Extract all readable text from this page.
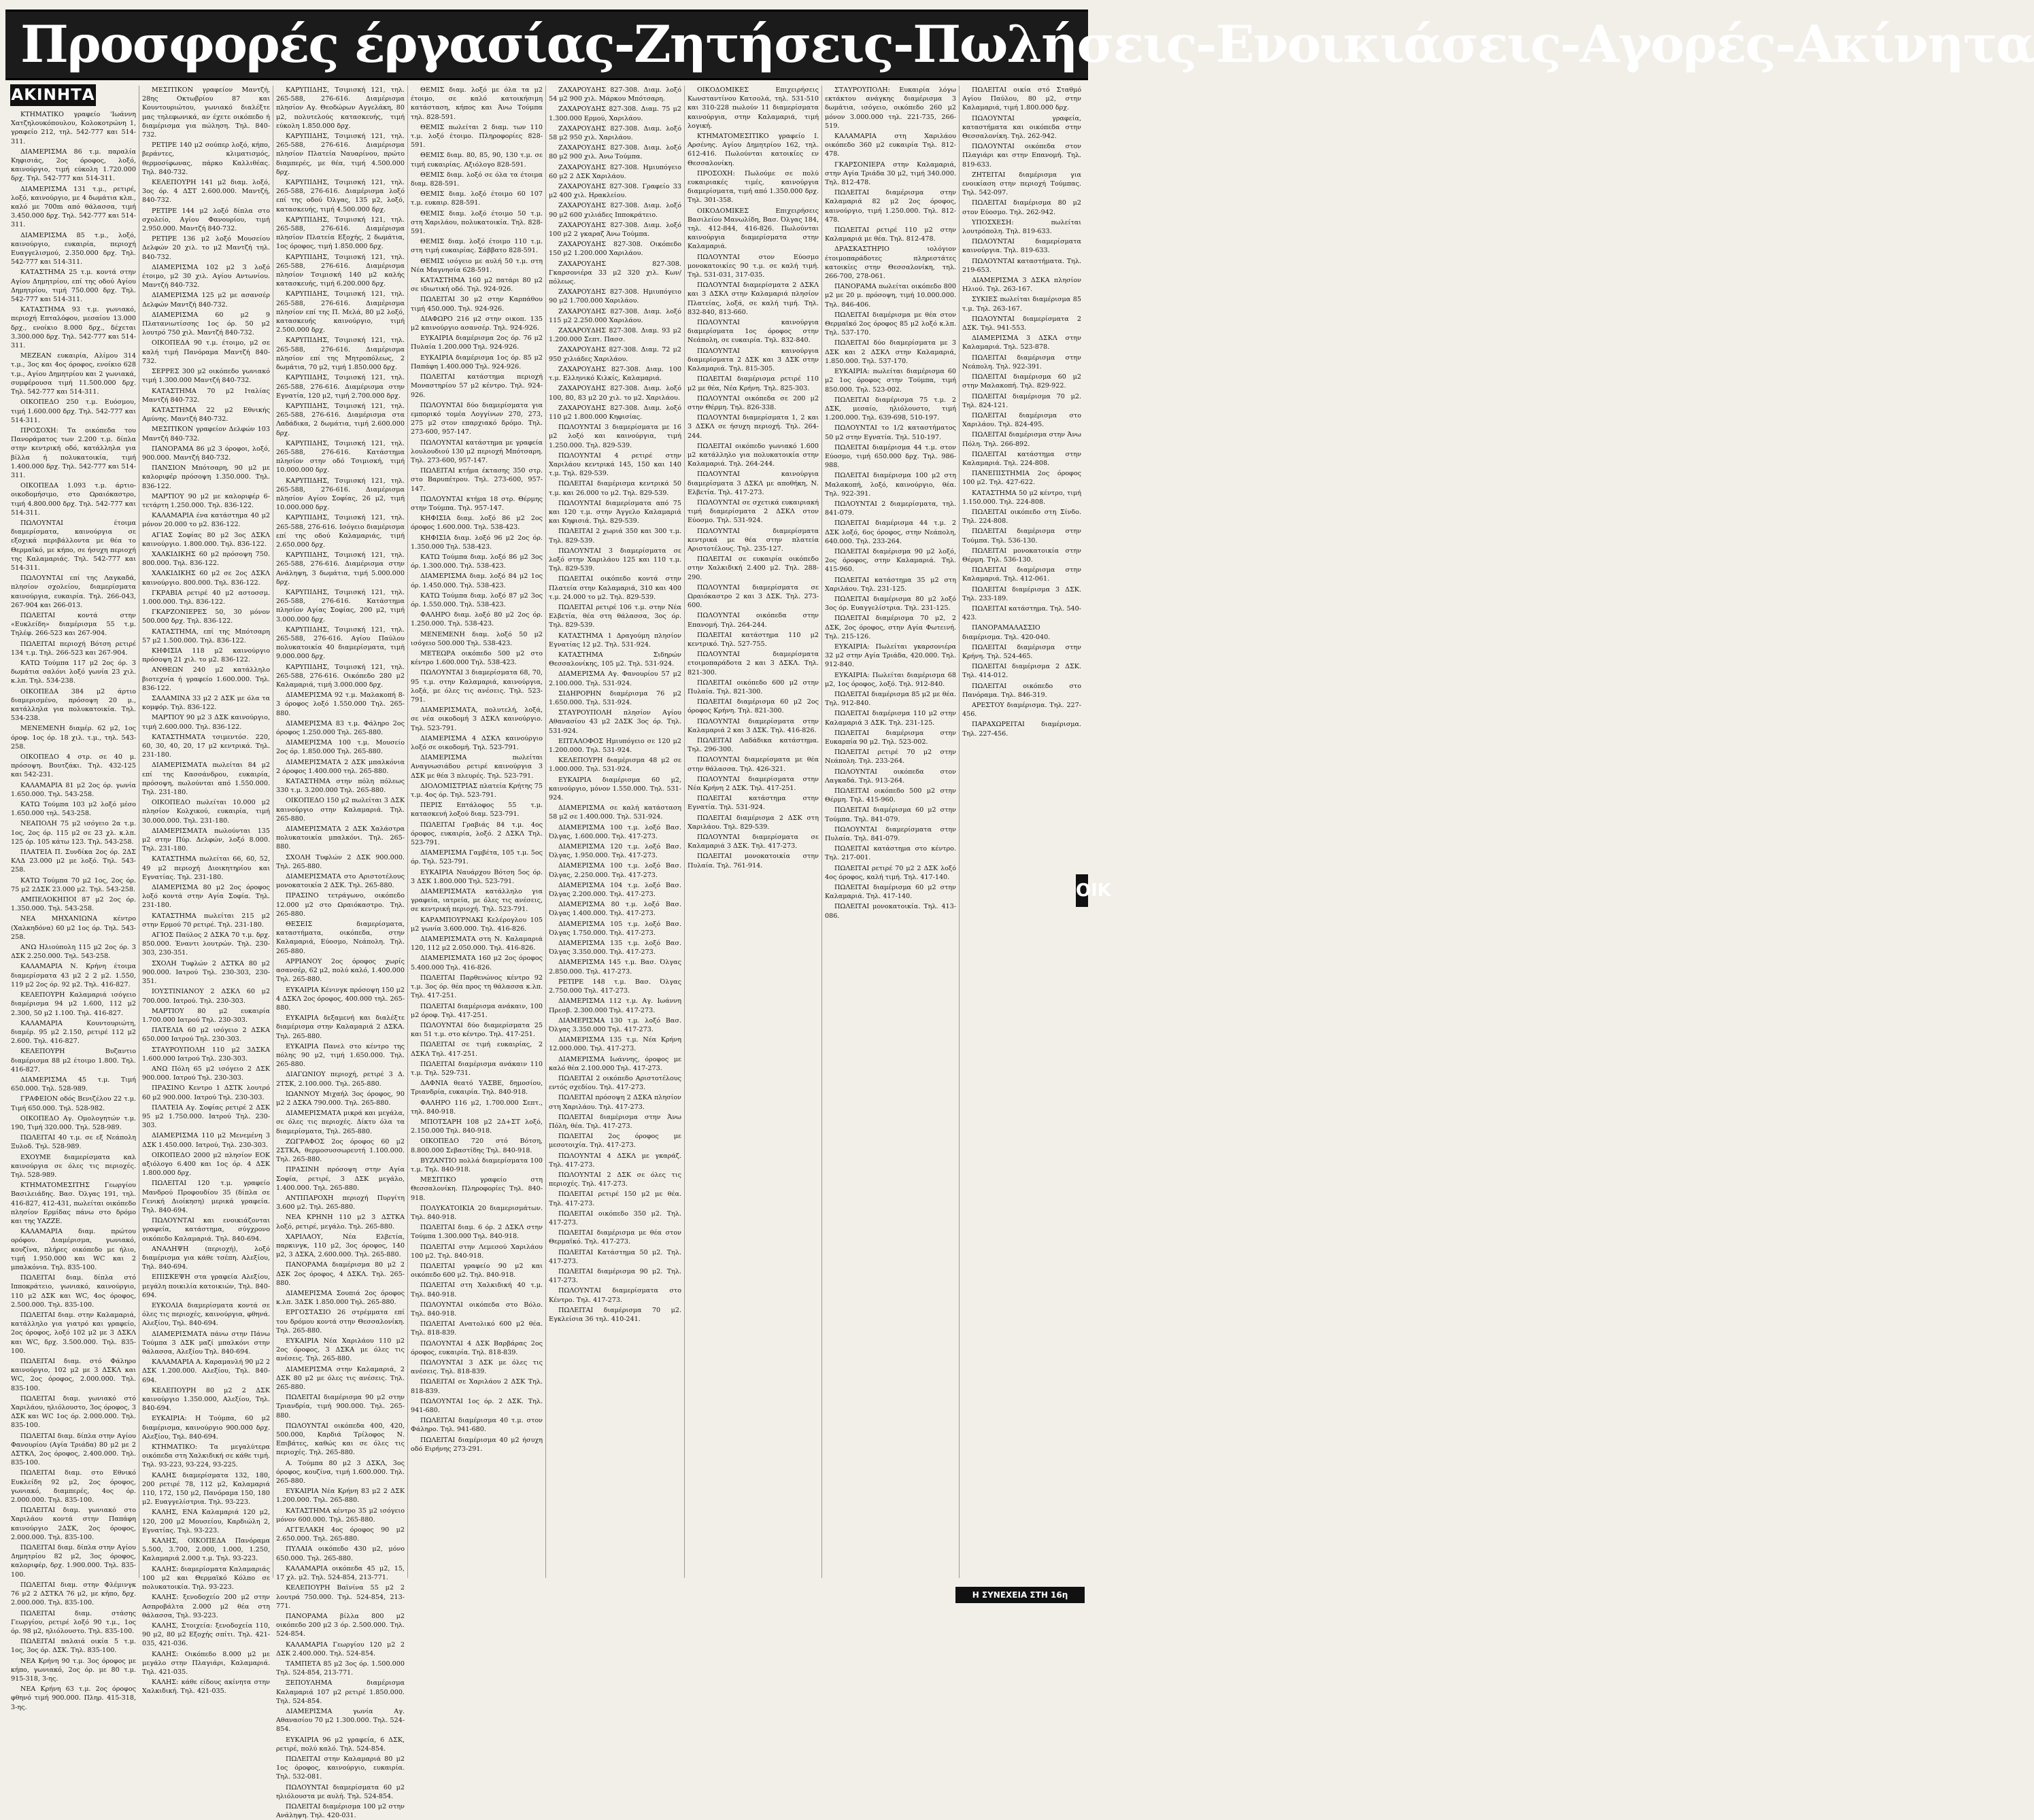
Προσφορές έργασίας-Ζητήσεις-Πωλήσεις-Ενοικιάσεις-Αγορές-Ακίνητα
ΑΚΙΝΗΤΑ

ΚΤΗΜΑΤΙΚΟ γραφείο 'Ιωάννη Χατζηλουκόπουλου, Κολοκοτρώνη 1, γραφείο 212, τηλ. 542-777 και 514-311.

ΔΙΑΜΕΡΙΣΜΑ 86 τ.μ. παραλία Κηφισιάς, 2ος όροφος, λοξό, καινούργιο, τιμή εύκολη 1.720.000 δρχ. Τηλ. 542-777 και 514-311.

ΔΙΑΜΕΡΙΣΜΑ 131 τ.μ., ρετιρέ, λοξό, καινούργιο, με 4 δωμάτια κλπ., καλό με 700m από θάλασσα, τιμή 3.450.000 δρχ. Τηλ. 542-777 και 514-311.

ΔΙΑΜΕΡΙΣΜΑ 85 τ.μ., λοξό, καινούργιο, ευκαιρία, περιοχή Ευαγγελισμού, 2.350.000 δρχ. Τηλ. 542-777 και 514-311.

ΚΑΤΑΣΤΗΜΑ 25 τ.μ. κοντά στην Αγίου Δημητρίου, επί της οδού Αγίου Δημητρίου, τιμή 750.000 δρχ. Τηλ. 542-777 και 514-311.

ΚΑΤΑΣΤΗΜΑ 93 τ.μ. γωνιακό, περιοχή Επταλόφου, μεσαίου 13.000 δρχ., ενοίκιο 8.000 δρχ., δέχεται 3.300.000 δρχ. Τηλ. 542-777 και 514-311.

ΜΕΖΕΑΝ ευκαιρία, Αλίμου 314 τ.μ., 3ος και 4ος όροφος, ενοίκιο 628 τ.μ., Αγίου Δημητρίου και 2 γωνιακά, συμφέρουσα τιμή 11.500.000 δρχ. Τηλ. 542-777 και 514-311.

ΟΙΚΟΠΕΔΟ 250 τ.μ. Ευόσμου, τιμή 1.600.000 δρχ. Τηλ. 542-777 και 514-311.

ΠΡΟΣΟΧΗ: Τα οικόπεδα του Πανοράματος των 2.200 τ.μ. δίπλα στην κεντρική οδό, κατάλληλα για βίλλα ή πολυκατοικία, τιμή 1.400.000 δρχ. Τηλ. 542-777 και 514-311.

ΟΙΚΟΠΕΔΑ 1.093 τ.μ. άρτιο-οικοδομήσιμο, στο Ωραιόκαστρο, τιμή 4.800.000 δρχ. Τηλ. 542-777 και 514-311.

ΠΩΛΟΥΝΤΑΙ έτοιμα διαμερίσματα, καινούργια σε εξοχικά περιβάλλοντα με θέα το Θερμαϊκό, με κήπο, σε ήσυχη περιοχή της Καλαμαριάς. Τηλ. 542-777 και 514-311.

ΠΩΛΟΥΝΤΑΙ επί της Λαγκαδά, πλησίον σχολείου, διαμερίσματα καινούργια, ευκαιρία. Τηλ. 266-043, 267-904 και 266-013.

ΠΩΛΕΙΤΑΙ κοντά στην «Ευκλείδη» διαμέρισμα 55 τ.μ. Τηλέφ. 266-523 και 267-904.

ΠΩΛΕΙΤΑΙ περιοχή Βότση ρετιρέ 134 τ.μ. Τηλ. 266-523 και 267-904.

ΚΑΤΩ Τούμπα 117 μ2 2ος όρ. 3 δωμάτια σαλόνι λοξό γωνία 23 χιλ. κ.λπ. Τηλ. 534-238.

ΟΙΚΟΠΕΔΑ 384 μ2 άρτιο διαμερισμένο, πρόσοψη 20 μ., κατάλληλα για πολυκατοικία. Τηλ. 534-238.

ΜΕΝΕΜΕΝΗ διαμέρ. 62 μ2, 1ος όροφ. 1ος όρ. 18 χιλ. τ.μ., τηλ. 543-258.

ΟΙΚΟΠΕΔΟ 4 στρ. σε 40 μ. πρόσοψη. Βουτζάκι. Τηλ. 432-125 και 542-231.

ΚΑΛΑΜΑΡΙΑ 81 μ2 2ος όρ. γωνία 1.650.000. Τηλ. 543-258.

ΚΑΤΩ Τούμπα 103 μ2 λοξό μέσο 1.650.000 τηλ. 543-258.

ΝΕΑΠΟΛΗ 75 μ2 ισόγειο 2α τ.μ. 1ος, 2ος όρ. 115 μ2 σε 23 χλ. κ.λπ. 125 όρ. 105 κάτω 123. Τηλ. 543-258.

ΠΛΑΤΕΙΑ Π. Συνδίκα 2ος όρ. 2ΔΣ ΚΛΔ 23.000 μ2 με λοξό. Τηλ. 543-258.

ΚΑΤΩ Τούμπα 70 μ2 1ος, 2ος όρ. 75 μ2 2ΔΣΚ 23.000 μ2. Τηλ. 543-258.

ΑΜΠΕΛΟΚΗΠΟΙ 87 μ2 2ος όρ. 1.350.000. Τηλ. 543-258.

ΝΕΑ ΜΗΧΑΝΙΩΝΑ κέντρο (Χαλκηδόνα) 60 μ2 1ος όρ. Τηλ. 543-258.

ΑΝΩ Ηλιούπολη 115 μ2 2ος όρ. 3 ΔΣΚ 2.250.000. Τηλ. 543-258.

ΚΑΛΑΜΑΡΙΑ Ν. Κρήνη έτοιμα διαμερίσματα 43 μ2 2 2 μ2. 1.550, 119 μ2 2ος όρ. 92 μ2. Τηλ. 416-827.

ΚΕΛΕΠΟΥΡΗ Καλαμαριά ισόγειο διαμέρισμα 94 μ2 1.600, 112 μ2 2.300, 50 μ2 1.100. Τηλ. 416-827.

ΚΑΛΑΜΑΡΙΑ Κουντουριώτη, διαμέρ. 95 μ2 2.150, ρετιρέ 112 μ2 2.600. Τηλ. 416-827.

ΚΕΛΕΠΟΥΡΗ Βυζαντιο διαμέρισμα 88 μ2 έτοιμο 1.800. Τηλ. 416-827.

ΔΙΑΜΕΡΙΣΜΑ 45 τ.μ. Τιμή 650.000. Τηλ. 528-989.

ΓΡΑΦΕΙΟΝ οδός Βενιζέλου 22 τ.μ. Τιμή 650.000. Τηλ. 528-982.

ΟΙΚΟΠΕΔΟ Αγ. Ομολογητών τ.μ. 190, Τιμή 320.000. Τηλ. 528-989.

ΠΩΛΕΙΤΑΙ 40 τ.μ. σε εξ Νεάπολη Ξυλοδ. Τηλ. 528-989.

ΕΧΟΥΜΕ διαμερίσματα καλ καινούργια σε όλες τις περιοχές. Τηλ. 528-989.

ΚΤΗΜΑΤΟΜΕΣΙΤΗΣ Γεωργίου Βασιλειάδης. Βασ. Όλγας 191, τηλ. 416-827, 412-431, πωλείται οικόπεδο πλησίον Ερμίδας πάνω στο δρόμο και της ΥΑΖΖΕ.

ΚΑΛΑΜΑΡΙΑ διαμ. πρώτου ορόφου. Διαμέρισμα, γωνιακό, κουζίνα, πλήρες οικόπεδο με ήλιο, τιμή 1.950.000 και WC και 2 μπαλκόνια. Τηλ. 835-100.

ΠΩΛΕΙΤΑΙ διαμ. δίπλα στό Ιπποκράτειο, γωνιακό, καινούργιο, 110 μ2 ΔΣΚ και WC, 4ος όροφος, 2.500.000. Τηλ. 835-100.

ΠΩΛΕΙΤΑΙ διαμ. στην Καλαμαριά, κατάλληλο για γιατρό και γραφείο, 2ος όροφος, λοξό 102 μ2 με 3 ΔΣΚΛ και WC, δρχ. 3.500.000. Τηλ. 835-100.

ΠΩΛΕΙΤΑΙ διαμ. στό Φάληρο καινούργιο, 102 μ2 με 3 ΔΣΚΛ και WC, 2ος όροφος, 2.000.000. Τηλ. 835-100.

ΠΩΛΕΙΤΑΙ διαμ. γωνιακό στό Χαριλάου, ηλιόλουστο, 3ος όροφος, 3 ΔΣΚ και WC 1ος όρ. 2.000.000. Τηλ. 835-100.

ΠΩΛΕΙΤΑΙ διαμ. δίπλα στην Αγίου Φανουρίου (Αγία Τριάδα) 80 μ2 με 2 ΔΣΤΚΛ, 2ος όροφος, 2.400.000. Τηλ. 835-100.

ΠΩΛΕΙΤΑΙ διαμ. στο Εθνικό Ευκλείδη 92 μ2, 2ος όροφος, γωνιακό, διαμπερές, 4ος όρ. 2.000.000. Τηλ. 835-100.

ΠΩΛΕΙΤΑΙ διαμ. γωνιακό στο Χαριλάου κοντά στην Παπάφη καινούργιο 2ΔΣΚ, 2ος όροφος, 2.000.000. Τηλ. 835-100.

ΠΩΛΕΙΤΑΙ διαμ. δίπλα στην Αγίου Δημητρίου 82 μ2, 3ος όροφος, καλοριφέρ, δρχ. 1.900.000. Τηλ. 835-100.

ΠΩΛΕΙΤΑΙ διαμ. στην Φλέμινγκ 76 μ2 2 ΔΣΤΚΛ 76 μ2, με κήπο, δρχ. 2.000.000. Τηλ. 835-100.

ΠΩΛΕΙΤΑΙ διαμ. στάσης Γεωργίου, ρετιρέ λοξό 90 τ.μ., 1ος όρ. 98 μ2, ηλιόλουστο. Τηλ. 835-100.

ΠΩΛΕΙΤΑΙ παλαιά οικία 5 τ.μ. 1ος, 3ος όρ. ΔΣΚ. Τηλ. 835-100.

ΝΕΑ Κρήνη 90 τ.μ. 3ος όροφος με κήπο, γωνιακό, 2ος όρ. με 80 τ.μ. 915-318, 3-ης.

ΝΕΑ Κρήνη 63 τ.μ. 2ος όροφος φθηνό τιμή 900.000. Πληρ. 415-318, 3-ης.

ΜΕΣΙΤΙΚΟΝ γραφείον Μαντζή, 28ης Οκτωβρίου 87 και Κουντουριώτου, γωνιακό διαλέξτε μας τηλεφωνικά, αν έχετε οικόπεδο ή διαμέρισμα για πώληση. Τηλ. 840-732.

ΡΕΤΙΡΕ 140 μ2 σούπερ λοξό, κήπο, βεράντες, κλιματισμός, θερμοσίφωνας, πάρκο Καλλιθέας. Τηλ. 840-732.

ΚΕΛΕΠΟΥΡΗ 141 μ2 διαμ. λοξό, 3ος όρ. 4 ΔΣΤ 2.600.000. Μαντζή, 840-732.

ΡΕΤΙΡΕ 144 μ2 λοξό δίπλα στο σχολείο, Αγίου Φανουρίου, τιμή 2.950.000. Μαντζή 840-732.

ΡΕΤΙΡΕ 136 μ2 λοξό Μουσείου Δελφών 20 χιλ. το μ2 Μαντζή τηλ. 840-732.

ΔΙΑΜΕΡΙΣΜΑ 102 μ2 3 λοξό έτοιμο, μ2 30 χιλ. Αγίου Αντωνίου. Μαντζή 840-732.

ΔΙΑΜΕΡΙΣΜΑ 125 μ2 με ασανσέρ Δελφών Μαντζή 840-732.

ΔΙΑΜΕΡΙΣΜΑ 60 μ2 9 Πλατανιωτίσσης 1ος όρ. 50 μ2 λουτρό 750 χιλ. Μαντζή 840-732.

ΟΙΚΟΠΕΔΑ 90 τ.μ. έτοιμο, μ2 σε καλή τιμή Πανόραμα Μαντζή 840-732.

ΣΕΡΡΕΣ 300 μ2 οικόπεδο γωνιακό τιμή 1.300.000 Μαντζή 840-732.

ΚΑΤΑΣΤΗΜΑ 70 μ2 Ιταλίας Μαντζή 840-732.

ΚΑΤΑΣΤΗΜΑ 22 μ2 Εθνικής Αμύνης. Μαντζή 840-732.

ΜΕΣΙΤΙΚΟΝ γραφείον Δελφών 103 Μαντζή 840-732.

ΠΑΝΟΡΑΜΑ 86 μ2 3 όροφοι, λοξό, 900.000. Μαντζή 840-732.

ΠΑΝΣΙΟΝ Μπότσαρη, 90 μ2 με καλοριφέρ πρόσοψη 1.350.000. Τηλ. 836-122.

ΜΑΡΤΙΟΥ 90 μ2 με καλοριφέρ 6-τετάρτη 1.250.000. Τηλ. 836-122.

ΚΑΛΑΜΑΡΙΑ ένα κατάστημα 40 μ2 μόνον 20.000 το μ2. 836-122.

ΑΓΙΑΣ Σοφίας 80 μ2 3ος ΔΣΚΛ καινούργιο. 1.800.000. Τηλ. 836-122.

ΧΑΛΚΙΔΙΚΗΣ 60 μ2 πρόσοψη 750. 800.000. Τηλ. 836-122.

ΧΑΛΚΙΔΙΚΗΣ 60 μ2 σε 2ος ΔΣΚΛ καινούργιο. 800.000. Τηλ. 836-122.

ΓΚΡΑΒΙΑ ρετιρέ 40 μ2 αστοσσμ. 1.000.000. Τηλ. 836-122.

ΓΚΑΡΖΟΝΙΕΡΕΣ 50, 30 μόνον 500.000 δρχ. Τηλ. 836-122.

ΚΑΤΑΣΤΗΜΑ, επί της Μπότσαρη 57 μ2 1.500.000. Τηλ. 836-122.

ΚΗΦΙΣΙΑ 118 μ2 καινούργιο πρόσοψη 21 χιλ. το μ2. 836-122.

ΑΝΘΕΩΝ 240 μ2 κατάλληλο βιοτεχνία ή γραφείο 1.600.000. Τηλ. 836-122.

ΣΑΛΑΜΙΝΑ 33 μ2 2 ΔΣΚ με όλα τα κομφόρ. Τηλ. 836-122.

ΜΑΡΤΙΟΥ 90 μ2 3 ΔΣΚ καινούργιο, τιμή 2.600.000. Τηλ. 836-122.

ΚΑΤΑΣΤΗΜΑΤΑ τσιμεντόσ. 220, 60, 30, 40, 20, 17 μ2 κεντρικά. Τηλ. 231-180.

ΔΙΑΜΕΡΙΣΜΑΤΑ πωλείται 84 μ2 επί της Κασσάνδρου, ευκαιρία, πρόσοψη, πωλούνται από 1.550.000. Τηλ. 231-180.

ΟΙΚΟΠΕΔΟ πωλείται 10.000 μ2 πλησίον Κολχικού, ευκαιρία, τιμή 30.000.000. Τηλ. 231-180.

ΔΙΑΜΕΡΙΣΜΑΤΑ πωλούνται 135 μ2 στην Πύρ. Δελφών, λοξό 8.000. Τηλ. 231-180.

ΚΑΤΑΣΤΗΜΑ πωλείται 66, 60, 52, 49 μ2 περιοχή Διοικητηρίου και Εγνατίας. Τηλ. 231-180.

ΔΙΑΜΕΡΙΣΜΑ 80 μ2 2ος όροφος λοξό κοντά στην Αγία Σοφία. Τηλ. 231-180.

ΚΑΤΑΣΤΗΜΑ πωλείται 215 μ2 στην Ερμού 70 ρετιρέ. Τηλ. 231-180.

ΑΓΙΟΣ Παύλος 2 ΔΣΚΑ 70 τ.μ. δρχ. 850.000. Έναντι λουτρών. Τηλ. 230-303, 230-351.

ΣΧΟΛΗ Τυφλών 2 ΔΣΤΚΑ 80 μ2 900.000. Ιατρού Τηλ. 230-303, 230-351.

ΙΟΥΣΤΙΝΙΑΝΟΥ 2 ΔΣΚΛ 60 μ2 700.000. Ιατρού. Τηλ. 230-303.

ΜΑΡΤΙΟΥ 80 μ2 ευκαιρία 1.700.000 Ιατρού Τηλ. 230-303.

ΠΑΤΕΛΙΑ 60 μ2 ισόγειο 2 ΔΣΚΑ 650.000 Ιατρού Τηλ. 230-303.

ΣΤΑΥΡΟΥΠΟΛΗ 110 μ2 3ΔΣΚΑ 1.600.000 Ιατρού Τηλ. 230-303.

ΑΝΩ Πόλη 65 μ2 ισόγειο 2 ΔΣΚ 900.000. Ιατρού Τηλ. 230-303.

ΠΡΑΣΙΝΟ Κεντρο 1 ΔΣΤΚ λουτρό 60 μ2 900.000. Ιατρού Τηλ. 230-303.

ΠΛΑΤΕΙΑ Αγ. Σοφίας ρετιρέ 2 ΔΣΚ 95 μ2 1.750.000. Ιατρού Τηλ. 230-303.

ΔΙΑΜΕΡΙΣΜΑ 110 μ2 Μενεμένη 3 ΔΣΚ 1.450.000. Ιατρού, Τηλ. 230-303.

ΟΙΚΟΠΕΔΟ 2000 μ2 πλησίον ΕΟΚ αξιόλογο 6.400 και 1ος όρ. 4 ΔΣΚ 1.800.000 δρχ.

ΠΩΛΕΙΤΑΙ 120 τ.μ. γραφείο Μανδρού Προφουδίου 35 (δίπλα σε Γενική Διοίκηση) μερικά γραφεία. Τηλ. 840-694.

ΠΩΛΟΥΝΤΑΙ και ενοικιάζονται γραφεία, κατάστημα, σύγχρονο οικόπεδο Καλαμαριά. Τηλ. 840-694.

ΑΝΑΛΗΨΗ (περιοχή), λοξό διαμέρισμα για κάθε τσέπη. Αλεξίου, Τηλ. 840-694.

ΕΠΙΣΚΕΨΗ στα γραφεία Αλεξίου, μεγάλη ποικιλία κατοικιών, Τηλ. 840-694.

ΕΥΚΟΛΙΑ διαμερίσματα κοντά σε όλες τις περιοχές, καινούργια, φθηνά. Αλεξίου, Τηλ. 840-694.

ΔΙΑΜΕΡΙΣΜΑΤΑ πάνω στην Πάνω Τούμπα 3 ΔΣΚ μαζί μπαλκόνι στην θάλασσα, Αλεξίου Τηλ. 840-694.

ΚΑΛΑΜΑΡΙΑ Α. Καραμανλή 90 μ2 2 ΔΣΚ 1.200.000. Αλεξίου, Τηλ. 840-694.

ΚΕΛΕΠΟΥΡΗ 80 μ2 2 ΔΣΚ καινούργιο 1.350.000, Αλεξίου, Τηλ. 840-694.

ΕΥΚΑΙΡΙΑ: Η Τούμπα, 60 μ2 διαμέρισμα, καινούργιο 900.000 δρχ. Αλεξίου, Τηλ. 840-694.

ΚΤΗΜΑΤΙΚΟ: Τα μεγαλύτερα οικόπεδα στη Χαλκιδική σε κάθε τιμή. Τηλ. 93-223, 93-224, 93-225.

ΚΑΛΗΣ διαμερίσματα 132, 180, 200 ρετιρέ 78, 112 μ2, Καλαμαριά 110, 172, 150 μ2, Πανόραμα 150, 180 μ2. Ευαγγελίστρια. Τηλ. 93-223.

ΚΑΛΗΣ, ΕΝΑ Καλαμαριά 120 μ2, 120, 200 μ2 Μουσείου, Καρδιώλη 2, Εγνατίας. Τηλ. 93-223.

ΚΑΛΗΣ, ΟΙΚΟΠΕΔΑ Πανόραμα 5.500, 3.700, 2.000, 1.000, 1.250, Καλαμαριά 2.000 τ.μ. Τηλ. 93-223.

ΚΑΛΗΣ: διαμερίσματα Καλαμαριάς 100 μ2 και Θερμαϊκό Κόλπο σε πολυκατοικία. Τηλ. 93-223.

ΚΑΛΗΣ: ξενοδοχείο 200 μ2 στην Ασπροβάλτα 2.000 μ2 θέα στη θάλασσα, Τηλ. 93-223.

ΚΑΛΗΣ, Στοιχεία: ξενοδοχεία 110, 90 μ2, 80 μ2 Εξοχής σπίτι. Τηλ. 421-035, 421-036.

ΚΑΛΗΣ: Οικόπεδο 8.000 μ2 με μεγάλο στην Πλαγιάρι, Καλαμαριά. Τηλ. 421-035.

ΚΑΛΗΣ: κάθε είδους ακίνητα στην Χαλκιδική. Τηλ. 421-035.

ΚΑΡΥΠΙΔΗΣ, Τσιμισκή 121, τηλ. 265-588, 276-616. Διαμέρισμα πλησίον Αγ. Θεοδώρων Αγγελάκη, 80 μ2, πολυτελούς κατασκευής, τιμή εύκολη 1.850.000 δρχ.

ΚΑΡΥΠΙΔΗΣ, Τσιμισκή 121, τηλ. 265-588, 276-616. Διαμέρισμα πλησίον Πλατεία Ναυαρίνου, πρώτο διαμπερές, με θέα, τιμή 4.500.000 δρχ.

ΚΑΡΥΠΙΔΗΣ, Τσιμισκή 121, τηλ. 265-588, 276-616. Διαμέρισμα λοξό επί της οδού Όλγας, 135 μ2, λοξό, κατασκευής, τιμή 4.500.000 δρχ.

ΚΑΡΥΠΙΔΗΣ, Τσιμισκή 121, τηλ. 265-588, 276-616. Διαμέρισμα πλησίον Πλατεία Εξοχής, 2 δωμάτια, 1ος όροφος, τιμή 1.850.000 δρχ.

ΚΑΡΥΠΙΔΗΣ, Τσιμισκή 121, τηλ. 265-588, 276-616. Διαμέρισμα πλησίον Τσιμισκή 140 μ2 καλής κατασκευής, τιμή 6.200.000 δρχ.

ΚΑΡΥΠΙΔΗΣ, Τσιμισκή 121, τηλ. 265-588, 276-616. Διαμέρισμα πλησίον επί της Π. Μελά, 80 μ2 λοξό, κατασκευής καινούργιο, τιμή 2.500.000 δρχ.

ΚΑΡΥΠΙΔΗΣ, Τσιμισκή 121, τηλ. 265-588, 276-616. Διαμέρισμα πλησίον επί της Μητροπόλεως, 2 δωμάτια, 70 μ2, τιμή 1.850.000 δρχ.

ΚΑΡΥΠΙΔΗΣ, Τσιμισκή 121, τηλ. 265-588, 276-616. Διαμέρισμα στην Εγνατία, 120 μ2, τιμή 2.700.000 δρχ.

ΚΑΡΥΠΙΔΗΣ, Τσιμισκή 121, τηλ. 265-588, 276-616. Διαμέρισμα στα Λαδάδικα, 2 δωμάτια, τιμή 2.600.000 δρχ.

ΚΑΡΥΠΙΔΗΣ, Τσιμισκή 121, τηλ. 265-588, 276-616. Κατάστημα πλησίον στην οδό Τσιμισκή, τιμή 10.000.000 δρχ.

ΚΑΡΥΠΙΔΗΣ, Τσιμισκή 121, τηλ. 265-588, 276-616. Διαμέρισμα πλησίον Αγίου Σοφίας, 26 μ2, τιμή 10.000.000 δρχ.

ΚΑΡΥΠΙΔΗΣ, Τσιμισκή 121, τηλ. 265-588, 276-616. Ισόγειο διαμέρισμα επί της οδού Καλαμαριάς, τιμή 2.650.000 δρχ.

ΚΑΡΥΠΙΔΗΣ, Τσιμισκή 121, τηλ. 265-588, 276-616. Διαμέρισμα στην Ανάληψη, 3 δωμάτια, τιμή 5.000.000 δρχ.

ΚΑΡΥΠΙΔΗΣ, Τσιμισκή 121, τηλ. 265-588, 276-616. Κατάστημα πλησίον Αγίας Σοφίας, 200 μ2, τιμή 3.000.000 δρχ.

ΚΑΡΥΠΙΔΗΣ, Τσιμισκή 121, τηλ. 265-588, 276-616. Αγίου Παύλου πολυκατοικία 40 διαμερίσματα, τιμή 9.000.000 δρχ.

ΚΑΡΥΠΙΔΗΣ, Τσιμισκή 121, τηλ. 265-588, 276-616. Οικόπεδο 280 μ2 Καλαμαριά, τιμή 3.000.000 δρχ.

ΔΙΑΜΕΡΙΣΜΑ 92 τ.μ. Μαλακοπή 8-3 όροφος λοξό 1.550.000 Τηλ. 265-880.

ΔΙΑΜΕΡΙΣΜΑ 83 τ.μ. Φάληρο 2ος όροφος 1.250.000 Τηλ. 265-880.

ΔΙΑΜΕΡΙΣΜΑ 100 τ.μ. Μουσείο 2ος όρ. 1.850.000 Τηλ. 265-880.

ΔΙΑΜΕΡΙΣΜΑΤΑ 2 ΔΣΚ μπαλκόνια 2 όροφος 1.400.000 τηλ. 265-880.

ΚΑΤΑΣΤΗΜΑ στην πόλη πόλεως 330 τ.μ. 3.200.000 Τηλ. 265-880.

ΟΙΚΟΠΕΔΟ 150 μ2 πωλείται 3 ΔΣΚ καινούργιο στην Καλαμαριά. Τηλ. 265-880.

ΔΙΑΜΕΡΙΣΜΑΤΑ 2 ΔΣΚ Χαλάστρα πολυκατοικία μπαλκόνι. Τηλ. 265-880.

ΣΧΟΛΗ Τυφλών 2 ΔΣΚ 900.000. Τηλ. 265-880.

ΔΙΑΜΕΡΙΣΜΑΤΑ στο Αριστοτέλους μονοκατοικία 2 ΔΣΚ. Τηλ. 265-880.

ΠΡΑΣΙΝΟ τετράγωνο, οικόπεδο 12.000 μ2 στο Ωραιόκαστρο. Τηλ. 265-880.

ΘΕΣΕΙΣ διαμερίσματα, καταστήματα, οικόπεδα, στην Καλαμαριά, Εύοσμο, Νεάπολη. Τηλ. 265-880.

ΑΡΡΙΑΝΟΥ 2ος όροφος χωρίς ασανσέρ, 62 μ2, πολύ καλό, 1.400.000 Τηλ. 265-880.

ΕΥΚΑΙΡΙΑ Κένινγκ πρόσοψη 150 μ2 4 ΔΣΚΛ 2ος όροφος, 400.000 τηλ. 265-880.

ΕΥΚΑΙΡΙΑ δεξαμενή και διαλέξτε διαμέρισμα στην Καλαμαριά 2 ΔΣΚΑ. Τηλ. 265-880.

ΕΥΚΑΙΡΙΑ Πανελ στο κέντρο της πόλης 90 μ2, τιμή 1.650.000. Τηλ. 265-880.

ΔΙΑΓΩΝΙΟΥ περιοχή, ρετιρέ 3 Δ. 2ΤΣΚ, 2.100.000. Τηλ. 265-880.

ΙΩΑΝΝΟΥ Μιχαήλ 3ος όροφος, 90 μ2 2 ΔΣΚΑ 790.000. Τηλ. 265-880.

ΔΙΑΜΕΡΙΣΜΑΤΑ μικρά και μεγάλα, σε όλες τις περιοχές. Δίκτυ όλα τα διαμερίσματα, Τηλ. 265-880.

ΖΩΓΡΑΦΟΣ 2ος όροφος 60 μ2 2ΣΤΚΑ, θερμοσυσσωρευτή 1.100.000. Τηλ. 265-880.

ΠΡΑΣΙΝΗ πρόσοψη στην Αγία Σοφία, ρετιρέ, 3 ΔΣΚ μεγάλο, 1.400.000. Τηλ. 265-880.

ΑΝΤΙΠΑΡΟΧΗ περιοχή Πυργίτη 3.600 μ2. Τηλ. 265-880.

ΝΕΑ ΚΡΗΝΗ 110 μ2 3 ΔΣΤΚΑ λοξό, ρετιρέ, μεγάλο. Τηλ. 265-880.

ΧΑΡΙΛΑΟΥ, Νέα Ελβετία, παρκινγκ, 110 μ2, 3ος όροφος, 140 μ2, 3 ΔΣΚΑ, 2.600.000. Τηλ. 265-880.

ΠΑΝΟΡΑΜΑ διαμέρισμα 80 μ2 2 ΔΣΚ 2ος όροφος, 4 ΔΣΚΛ. Τηλ. 265-880.

ΔΙΑΜΕΡΙΣΜΑ Σουπιά 2ος όροφος κ.λπ. 3ΔΣΚ 1.850.000 Τηλ. 265-880.

ΕΡΓΟΣΤΑΣΙΟ 26 στρέμματα επί του δρόμου κοντά στην Θεσσαλονίκη. Τηλ. 265-880.

ΕΥΚΑΙΡΙΑ Νέα Χαριλάου 110 μ2 2ος όροφος, 3 ΔΣΚΑ με όλες τις ανέσεις. Τηλ. 265-880.

ΔΙΑΜΕΡΙΣΜΑ στην Καλαμαριά, 2 ΔΣΚ 80 μ2 με όλες τις ανέσεις. Τηλ. 265-880.

ΠΩΛΕΙΤΑΙ διαμέρισμα 90 μ2 στην Τριανδρία, τιμή 900.000. Τηλ. 265-880.

ΠΩΛΟΥΝΤΑΙ οικόπεδα 400, 420, 500.000, Καρδιά Τρίλοφος Ν. Επιβάτες, καθώς και σε όλες τις περιοχές. Τηλ. 265-880.

Α. Τούμπα 80 μ2 3 ΔΣΚΛ, 3ος όροφος, κουζίνα, τιμή 1.600.000. Τηλ. 265-880.

ΕΥΚΑΙΡΙΑ Νέα Κρήνη 83 μ2 2 ΔΣΚ 1.200.000. Τηλ. 265-880.

ΚΑΤΑΣΤΗΜΑ κέντρο 35 μ2 ισόγειο μόνον 600.000. Τηλ. 265-880.

ΑΓΓΕΛΑΚΗ 4ος όροφος 90 μ2 2.650.000. Τηλ. 265-880.

ΠΥΛΑΙΑ οικόπεδο 430 μ2, μόνο 650.000. Τηλ. 265-880.

ΚΑΛΑΜΑΡΙΑ οικόπεδα 45 μ2, 15, 17 χλ. μ2. Τηλ. 524-854, 213-771.

ΚΕΛΕΠΟΥΡΗ Βαϊνίνα 55 μ2 2 λουτρά 750.000. Τηλ. 524-854, 213-771.

ΠΑΝΟΡΑΜΑ βίλλα 800 μ2 οικόπεδο 200 μ2 3 όρ. 2.500.000. Τηλ. 524-854.

ΚΑΛΑΜΑΡΙΑ Γεωργίου 120 μ2 2 ΔΣΚ 2.400.000. Τηλ. 524-854.

ΤΑΜΠΕΤΑ 85 μ2 3ος όρ. 1.500.000 Τηλ. 524-854, 213-771.

ΞΕΠΟΥΛΗΜΑ διαμέρισμα Καλαμαριά 107 μ2 ρετιρέ 1.850.000. Τηλ. 524-854.

ΔΙΑΜΕΡΙΣΜΑ γωνία Αγ. Αθανασίου 70 μ2 1.300.000. Τηλ. 524-854.

ΕΥΚΑΙΡΙΑ 96 μ2 γραφεία, 6 ΔΣΚ, ρετιρέ, πολύ καλό. Τηλ. 524-854.

ΠΩΛΕΙΤΑΙ στην Καλαμαριά 80 μ2 1ος όροφος, καινούργιο, ευκαιρία. Τηλ. 532-081.

ΠΩΛΟΥΝΤΑΙ διαμερίσματα 60 μ2 ηλιόλουστα με αυλή. Τηλ. 524-854.

ΠΩΛΕΙΤΑΙ διαμέρισμα 100 μ2 στην Ανάληψη. Τηλ. 420-031.

ΘΕΜΙΣ διαμ. λοξό με όλα τα μ2 έτοιμο, σε καλό κατοικήσιμη κατάσταση, κήπος και Άνω Τούμπα τηλ. 828-591.

ΘΕΜΙΣ πωλείται 2 διαμ. των 110 τ.μ. λοξό έτοιμο. Πληροφορίες 828-591.

ΘΕΜΙΣ διαμ. 80, 85, 90, 130 τ.μ. σε τιμή ευκαιρίας. Αξιόλογο 828-591.

ΘΕΜΙΣ διαμ. λοξό σε όλα τα έτοιμα διαμ. 828-591.

ΘΕΜΙΣ διαμ. λοξό έτοιμο 60 107 τ.μ. ευκαιρ. 828-591.

ΘΕΜΙΣ διαμ. λοξό έτοιμο 50 τ.μ. στη Χαριλάου, πολυκατοικία. Τηλ. 828-591.

ΘΕΜΙΣ διαμ. λοξό έτοιμο 110 τ.μ. στη τιμή ευκαιρίας. Σάββατο 828-591.

ΘΕΜΙΣ ισόγειο με αυλή 50 τ.μ. στη Νέα Μαγνησία 628-591.

ΚΑΤΑΣΤΗΜΑ 160 μ2 πατάρι 80 μ2 σε ιδιωτική οδό. Τηλ. 924-926.

ΠΩΛΕΙΤΑΙ 30 μ2 στην Καρπάθου τιμή 450.000. Τηλ. 924-926.

ΔΙΑΦΩΡΟ 216 μ2 στην οικοπ. 135 μ2 καινούργιο ασανσέρ. Τηλ. 924-926.

ΕΥΚΑΙΡΙΑ διαμέρισμα 2ος όρ. 76 μ2 Πυλαία 1.200.000 Τηλ. 924-926.

ΕΥΚΑΙΡΙΑ διαμέρισμα 1ος όρ. 85 μ2 Παπάφη 1.400.000 Τηλ. 924-926.

ΠΩΛΕΙΤΑΙ κατάστημα περιοχή Μοναστηρίου 57 μ2 κέντρο. Τηλ. 924-926.

ΠΩΛΟΥΝΤΑΙ δύο διαμερίσματα για εμπορικό τομέα Λογγίνων 270, 273, 275 μ2 στον επαρχιακό δρόμο. Τηλ. 273-600, 957-147.

ΠΩΛΟΥΝΤΑΙ κατάστημα με γραφεία λουλουδιού 130 μ2 περιοχή Μπότσαρη. Τηλ. 273-600, 957-147.

ΠΩΛΕΙΤΑΙ κτήμα έκτασης 350 στρ. στο Βαρυπέτρου. Τηλ. 273-600, 957-147.

ΠΩΛΟΥΝΤΑΙ κτήμα 18 στρ. Θέρμης στην Τούμπα. Τηλ. 957-147.

ΚΗΦΙΣΙΑ διαμ. λοξό 86 μ2 2ος όροφος 1.600.000. Τηλ. 538-423.

ΚΗΦΙΣΙΑ διαμ. λοξό 96 μ2 2ος όρ. 1.350.000 Τηλ. 538-423.

ΚΑΤΩ Τούμπα διαμ. λοξό 86 μ2 3ος όρ. 1.300.000. Τηλ. 538-423.

ΔΙΑΜΕΡΙΣΜΑ διαμ. λοξό 84 μ2 1ος όρ. 1.450.000. Τηλ. 538-423.

ΚΑΤΩ Τούμπα διαμ. λοξό 87 μ2 3ος όρ. 1.550.000. Τηλ. 538-423.

ΦΑΛΗΡΟ διαμ. λοξό 80 μ2 2ος όρ. 1.250.000. Τηλ. 538-423.

ΜΕΝΕΜΕΝΗ διαμ. λοξό 50 μ2 ισόγειο 500.000 Τηλ. 538-423.

ΜΕΤΕΩΡΑ οικόπεδο 500 μ2 στο κέντρο 1.600.000 Τηλ. 538-423.

ΠΩΛΟΥΝΤΑΙ 3 διαμερίσματα 68, 70, 95 τ.μ. στην Καλαμαριά, καινούργια, λοξά, με όλες τις ανέσεις. Τηλ. 523-791.

ΔΙΑΜΕΡΙΣΜΑΤΑ, πολυτελή, λοξά, σε νέα οικοδομή 3 ΔΣΚΛ καινούργιο. Τηλ. 523-791.

ΔΙΑΜΕΡΙΣΜΑ 4 ΔΣΚΛ καινούργιο λοξό σε οικοδομή. Τηλ. 523-791.

ΔΙΑΜΕΡΙΣΜΑ πωλείται Αναγνωσιάδου ρετιρέ καινούργια 3 ΔΣΚ με θέα 3 πλευρές. Τηλ. 523-791.

ΔΙΟΛΟΜΙΣΤΡΙΑΣ πλατεία Κρήτης 75 τ.μ. 4ος όρ. Τηλ. 523-791.

ΠΕΡΙΣ Επτάλοφος 55 τ.μ. κατασκευή λοξού διαμ. 523-791.

ΠΩΛΕΙΤΑΙ Γραβιάς 84 τ.μ. 4ος όροφος, ευκαιρία, λοξό. 2 ΔΣΚΛ Τηλ. 523-791.

ΔΙΑΜΕΡΙΣΜΑ Γαμβέτα, 105 τ.μ. 5ος όρ. Τηλ. 523-791.

ΕΥΚΑΙΡΙΑ Ναυάρχου Βότση 5ος όρ. 3 ΔΣΚ 1.800.000 Τηλ. 523-791.

ΔΙΑΜΕΡΙΣΜΑΤΑ κατάλληλο για γραφεία, ιατρεία, με όλες τις ανέσεις, σε κεντρική περιοχή. Τηλ. 523-791.

ΚΑΡΑΜΠΟΥΡΝΑΚΙ Κελέρογλου 105 μ2 γωνία 3.600.000. Τηλ. 416-826.

ΔΙΑΜΕΡΙΣΜΑΤΑ στη Ν. Καλαμαριά 120, 112 μ2 2.050.000. Τηλ. 416-826.

ΔΙΑΜΕΡΙΣΜΑΤΑ 160 μ2 2ος όροφος 5.400.000 Τηλ. 416-826.

ΠΩΛΕΙΤΑΙ Παρθενώνος κέντρο 92 τ.μ. 3ος όρ. θέα προς τη θάλασσα κ.λπ. Τηλ. 417-251.

ΠΩΛΕΙΤΑΙ διαμέρισμα ανάκαιν, 100 μ2 όροφ. Τηλ. 417-251.

ΠΩΛΟΥΝΤΑΙ δύο διαμερίσματα 25 και 51 τ.μ. στο κέντρο. Τηλ. 417-251.

ΠΩΛΕΙΤΑΙ σε τιμή ευκαιρίας, 2 ΔΣΚΛ Τηλ. 417-251.

ΠΩΛΕΙΤΑΙ διαμέρισμα ανάκαιν 110 τ.μ. Τηλ. 529-731.

ΔΑΦΝΙΑ θεατό ΥΑΣΒΕ, δημοσίου, Τριανδρία, ευκαιρία. Τηλ. 840-918.

ΦΑΛΗΡΟ 116 μ2, 1.700.000 Σεπτ., τηλ. 840-918.

ΜΠΟΤΣΑΡΗ 108 μ2 2Δ+ΣΤ λοξό, 2.150.000 Τηλ. 840-918.

ΟΙΚΟΠΕΔΟ 720 στό Βότση, 8.800.000 Σεβαστίδης Τηλ. 840-918.

ΒΥΖΑΝΤΙΟ πολλά διαμερίσματα 100 τ.μ. Τηλ. 840-918.

ΜΕΣΙΤΙΚΟ γραφείο στη Θεσσαλονίκη. Πληροφορίες Τηλ. 840-918.

ΠΟΛΥΚΑΤΟΙΚΙΑ 20 διαμερισμάτων. Τηλ. 840-918.

ΠΩΛΕΙΤΑΙ διαμ. 6 όρ. 2 ΔΣΚΛ στην Τούμπα 1.300.000 Τηλ. 840-918.

ΠΩΛΕΙΤΑΙ στην Λεμεσού Χαριλάου 100 μ2. Τηλ. 840-918.

ΠΩΛΕΙΤΑΙ γραφείο 90 μ2 και οικόπεδο 600 μ2. Τηλ. 840-918.

ΠΩΛΕΙΤΑΙ στη Χαλκιδική 40 τ.μ. Τηλ. 840-918.

ΠΩΛΟΥΝΤΑΙ οικόπεδα στο Βόλο. Τηλ. 840-918.

ΠΩΛΕΙΤΑΙ Ανατολικό 600 μ2 θέα. Τηλ. 818-839.

ΠΩΛΟΥΝΤΑΙ 4 ΔΣΚ Βαρβάρας 2ος όροφος, ευκαιρία. Τηλ. 818-839.

ΠΩΛΟΥΝΤΑΙ 3 ΔΣΚ με όλες τις ανέσεις. Τηλ. 818-839.

ΠΩΛΕΙΤΑΙ σε Χαριλάου 2 ΔΣΚ Τηλ. 818-839.

ΠΩΛΟΥΝΤΑΙ 1ος όρ. 2 ΔΣΚ. Τηλ. 941-680.

ΠΩΛΕΙΤΑΙ διαμέρισμα 40 τ.μ. στον Φάληρο. Τηλ. 941-680.

ΠΩΛΕΙΤΑΙ διαμέρισμα 40 μ2 ήσυχη οδό Ειρήνης 273-291.

ΖΑΧΑΡΟΥΔΗΣ 827-308. Διαμ. λοξό 54 μ2 900 χιλ. Μάρκου Μπότσαρη.

ΖΑΧΑΡΟΥΔΗΣ 827-308. Διαμ. 75 μ2 1.300.000 Ερμού, Χαριλάου.

ΖΑΧΑΡΟΥΔΗΣ 827-308. Διαμ. λοξό 58 μ2 950 χιλ. Χαριλάου.

ΖΑΧΑΡΟΥΔΗΣ 827-308. Διαμ. λοξό 80 μ2 900 χιλ. Άνω Τούμπα.

ΖΑΧΑΡΟΥΔΗΣ 827-308. Ημιυπόγειο 60 μ2 2 ΔΣΚ Χαριλάου.

ΖΑΧΑΡΟΥΔΗΣ 827-308. Γραφείο 33 μ2 400 χιλ. Ηρακλείου.

ΖΑΧΑΡΟΥΔΗΣ 827-308. Διαμ. λοξό 90 μ2 600 χιλιάδες Ιπποκράτειο.

ΖΑΧΑΡΟΥΔΗΣ 827-308. Διαμ. λοξό 100 μ2 2 γκαραζ Άνω Τούμπα.

ΖΑΧΑΡΟΥΔΗΣ 827-308. Οικόπεδο 150 μ2 1.200.000 Χαριλάου.

ΖΑΧΑΡΟΥΔΗΣ 827-308. Γκαρσονιέρα 33 μ2 320 χιλ. Κων/πόλεως.

ΖΑΧΑΡΟΥΔΗΣ 827-308. Ημιυπόγειο 90 μ2 1.700.000 Χαριλάου.

ΖΑΧΑΡΟΥΔΗΣ 827-308. Διαμ. λοξό 115 μ2 2.250.000 Χαριλάου.

ΖΑΧΑΡΟΥΔΗΣ 827-308. Διαμ. 93 μ2 1.200.000 Σεπτ. Πασσ.

ΖΑΧΑΡΟΥΔΗΣ 827-308. Διαμ. 72 μ2 950 χιλιάδες Χαριλάου.

ΖΑΧΑΡΟΥΔΗΣ 827-308. Διαμ. 100 τ.μ. Ελληνικό Κιλκίς, Καλαμαριά.

ΖΑΧΑΡΟΥΔΗΣ 827-308. Διαμ. λοξό 100, 80, 83 μ2 20 χιλ. το μ2. Χαριλάου.

ΖΑΧΑΡΟΥΔΗΣ 827-308. Διαμ. λοξό 110 μ2 1.800.000 Κηφισίας.

ΠΩΛΟΥΝΤΑΙ 3 διαμερίσματα με 16 μ2 λοξό και καινούργια, τιμή 1.250.000. Τηλ. 829-539.

ΠΩΛΟΥΝΤΑΙ 4 ρετιρέ στην Χαριλάου κεντρικά 145, 150 και 140 τ.μ. Τηλ. 829-539.

ΠΩΛΕΙΤΑΙ διαμέρισμα κεντρικά 50 τ.μ. και 26.000 το μ2. Τηλ. 829-539.

ΠΩΛΟΥΝΤΑΙ διαμερίσματα από 75 και 120 τ.μ. στην Άγγελο Καλαμαριά και Κηφισιά. Τηλ. 829-539.

ΠΩΛΕΙΤΑΙ 2 χωριά 350 και 300 τ.μ. Τηλ. 829-539.

ΠΩΛΟΥΝΤΑΙ 3 διαμερίσματα σε λοξό στην Χαριλάου 125 και 110 τ.μ. Τηλ. 829-539.

ΠΩΛΕΙΤΑΙ οικόπεδο κοντά στην Πλατεία στην Καλαμαριά, 310 και 400 τ.μ. 24.000 το μ2. Τηλ. 829-539.

ΠΩΛΕΙΤΑΙ ρετιρέ 106 τ.μ. στην Νέα Ελβετία, θέα στη θάλασσα, 3ος όρ. Τηλ. 829-539.

ΚΑΤΑΣΤΗΜΑ 1 Δραγούμη πλησίον Εγνατίας 12 μ2. Τηλ. 531-924.

ΚΑΤΑΣΤΗΜΑ Σιδηρών Θεσσαλονίκης, 105 μ2. Τηλ. 531-924.

ΔΙΑΜΕΡΙΣΜΑ Αγ. Φανουρίου 57 μ2 2.100.000. Τηλ. 531-924.

ΣΙΔΗΡΟΡΗΝ διαμέρισμα 76 μ2 1.650.000. Τηλ. 531-924.

ΣΤΑΥΡΟΥΠΟΛΗ πλησίον Αγίου Αθανασίου 43 μ2 2ΔΣΚ 3ος όρ. Τηλ. 531-924.

ΕΠΤΑΛΟΦΟΣ Ημιυπόγειο σε 120 μ2 1.200.000. Τηλ. 531-924.

ΚΕΛΕΠΟΥΡΗ διαμέρισμα 48 μ2 σε 1.000.000. Τηλ. 531-924.

ΕΥΚΑΙΡΙΑ διαμέρισμα 60 μ2, καινούργιο, μόνον 1.550.000. Τηλ. 531-924.

ΔΙΑΜΕΡΙΣΜΑ σε καλή κατάσταση 58 μ2 σε 1.400.000. Τηλ. 531-924.

ΔΙΑΜΕΡΙΣΜΑ 100 τ.μ. λοξό Βασ. Όλγας, 1.600.000. Τηλ. 417-273.

ΔΙΑΜΕΡΙΣΜΑ 120 τ.μ. λοξό Βασ. Όλγας, 1.950.000. Τηλ. 417-273.

ΔΙΑΜΕΡΙΣΜΑ 100 τ.μ. λοξό Βασ. Όλγας, 2.250.000. Τηλ. 417-273.

ΔΙΑΜΕΡΙΣΜΑ 104 τ.μ. λοξό Βασ. Όλγας 2.200.000. Τηλ. 417-273.

ΔΙΑΜΕΡΙΣΜΑ 80 τ.μ. λοξό Βασ. Όλγας 1.400.000. Τηλ. 417-273.

ΔΙΑΜΕΡΙΣΜΑ 105 τ.μ. λοξό Βασ. Όλγας 1.750.000. Τηλ. 417-273.

ΔΙΑΜΕΡΙΣΜΑ 135 τ.μ. λοξό Βασ. Όλγας 3.350.000. Τηλ. 417-273.

ΔΙΑΜΕΡΙΣΜΑ 145 τ.μ. Βασ. Όλγας 2.850.000. Τηλ. 417-273.

ΡΕΤΙΡΕ 148 τ.μ. Βασ. Όλγας 2.750.000 Τηλ. 417-273.

ΔΙΑΜΕΡΙΣΜΑ 112 τ.μ. Αγ. Ιωάννη Πρεσβ. 2.300.000 Τηλ. 417-273.

ΔΙΑΜΕΡΙΣΜΑ 130 τ.μ. λοξό Βασ. Όλγας 3.350.000 Τηλ. 417-273.

ΔΙΑΜΕΡΙΣΜΑ 135 τ.μ. Νέα Κρήνη 12.000.000. Τηλ. 417-273.

ΔΙΑΜΕΡΙΣΜΑ Ιωάννης, όροφος με καλό θέα 2.100.000 Τηλ. 417-273.

ΠΩΛΕΙΤΑΙ 2 οικόπεδο Αριστοτέλους εντός σχεδίου. Τηλ. 417-273.

ΠΩΛΕΙΤΑΙ πρόσοψη 2 ΔΣΚΑ πλησίον στη Χαριλάου. Τηλ. 417-273.

ΠΩΛΕΙΤΑΙ διαμέρισμα στην Άνω Πόλη, θέα. Τηλ. 417-273.

ΠΩΛΕΙΤΑΙ 2ος όροφος με μεσοτοιχία. Τηλ. 417-273.

ΠΩΛΟΥΝΤΑΙ 4 ΔΣΚΛ με γκαράζ. Τηλ. 417-273.

ΠΩΛΟΥΝΤΑΙ 2 ΔΣΚ σε όλες τις περιοχές. Τηλ. 417-273.

ΠΩΛΕΙΤΑΙ ρετιρέ 150 μ2 με θέα. Τηλ. 417-273.

ΠΩΛΕΙΤΑΙ οικόπεδο 350 μ2. Τηλ. 417-273.

ΠΩΛΕΙΤΑΙ διαμέρισμα με θέα στον Θερμαϊκό. Τηλ. 417-273.

ΠΩΛΕΙΤΑΙ Κατάστημα 50 μ2. Τηλ. 417-273.

ΠΩΛΕΙΤΑΙ διαμέρισμα 90 μ2. Τηλ. 417-273.

ΠΩΛΟΥΝΤΑΙ διαμερίσματα στο Κέντρο. Τηλ. 417-273.

ΠΩΛΕΙΤΑΙ διαμέρισμα 70 μ2. Εγκλείσια 36 τηλ. 410-241.

ΟΙΚΟΔΟΜΙΚΕΣ Επιχειρήσεις Κωνσταντίνου Κατσολά, τηλ. 531-510 και 310-228 πωλούν 11 διαμερίσματα καινούργια, στην Καλαμαριά, τιμή λογική.

ΚΤΗΜΑΤΟΜΕΣΙΤΙΚΟ γραφείο Ι. Αρσένης. Αγίου Δημητρίου 162, τηλ. 612-416. Πωλούνται κατοικίες εν Θεσσαλονίκη.

ΠΡΟΣΟΧΗ: Πωλούμε σε πολύ ευκαιριακές τιμές, καινούργια διαμερίσματα, τιμή από 1.350.000 δρχ. Τηλ. 301-358.

ΟΙΚΟΔΟΜΙΚΕΣ Επιχειρήσεις Βασιλείου Μανωλίδη, Βασ. Όλγας 184, τηλ. 412-844, 416-826. Πωλούνται καινούργια διαμερίσματα στην Καλαμαριά.

ΠΩΛΟΥΝΤΑΙ στον Εύοσμο μονοκατοικίες 90 τ.μ. σε καλή τιμή. Τηλ. 531-031, 317-035.

ΠΩΛΟΥΝΤΑΙ διαμερίσματα 2 ΔΣΚΛ και 3 ΔΣΚΛ στην Καλαμαριά πλησίον Πλατείας, λοξά, σε καλή τιμή. Τηλ. 832-840, 813-660.

ΠΩΛΟΥΝΤΑΙ καινούργια διαμερίσματα 1ος όροφος στην Νεάπολη, σε ευκαιρία. Τηλ. 832-840.

ΠΩΛΟΥΝΤΑΙ καινούργια διαμερίσματα 2 ΔΣΚ και 3 ΔΣΚ στην Καλαμαριά. Τηλ. 815-305.

ΠΩΛΕΙΤΑΙ διαμέρισμα ρετιρέ 110 μ2 με θέα, Νέα Κρήνη. Τηλ. 825-303.

ΠΩΛΟΥΝΤΑΙ οικόπεδα σε 200 μ2 στην Θέρμη. Τηλ. 826-338.

ΠΩΛΟΥΝΤΑΙ διαμερίσματα 1, 2 και 3 ΔΣΚΛ σε ήσυχη περιοχή. Τηλ. 264-244.

ΠΩΛΕΙΤΑΙ οικόπεδο γωνιακό 1.600 μ2 κατάλληλο για πολυκατοικία στην Καλαμαριά. Τηλ. 264-244.

ΠΩΛΟΥΝΤΑΙ καινούργια διαμερίσματα 3 ΔΣΚΛ με αποθήκη, Ν. Ελβετία. Τηλ. 417-273.

ΠΩΛΟΥΝΤΑΙ σε σχετικά ευκαιριακή τιμή διαμερίσματα 2 ΔΣΚΛ στον Εύοσμο. Τηλ. 531-924.

ΠΩΛΟΥΝΤΑΙ διαμερίσματα κεντρικά με θέα στην πλατεία Αριστοτέλους. Τηλ. 235-127.

ΠΩΛΕΙΤΑΙ σε ευκαιρία οικόπεδο στην Χαλκιδική 2.400 μ2. Τηλ. 288-290.

ΠΩΛΟΥΝΤΑΙ διαμερίσματα σε Ωραιόκαστρο 2 και 3 ΔΣΚ. Τηλ. 273-600.

ΠΩΛΟΥΝΤΑΙ οικόπεδα στην Επανομή. Τηλ. 264-244.

ΠΩΛΕΙΤΑΙ κατάστημα 110 μ2 κεντρικό. Τηλ. 527-755.

ΠΩΛΟΥΝΤΑΙ διαμερίσματα ετοιμοπαράδοτα 2 και 3 ΔΣΚΛ. Τηλ. 821-300.

ΠΩΛΕΙΤΑΙ οικόπεδο 600 μ2 στην Πυλαία. Τηλ. 821-300.

ΠΩΛΕΙΤΑΙ διαμέρισμα 60 μ2 2ος όροφος Κρήνη. Τηλ. 821-300.

ΠΩΛΟΥΝΤΑΙ διαμερίσματα στην Καλαμαριά 2 και 3 ΔΣΚ. Τηλ. 416-826.

ΠΩΛΕΙΤΑΙ Λαδάδικα κατάστημα. Τηλ. 296-300.

ΠΩΛΟΥΝΤΑΙ διαμερίσματα με θέα στην θάλασσα. Τηλ. 426-321.

ΠΩΛΟΥΝΤΑΙ διαμερίσματα στην Νέα Κρήνη 2 ΔΣΚ. Τηλ. 417-251.

ΠΩΛΕΙΤΑΙ κατάστημα στην Εγνατία. Τηλ. 531-924.

ΠΩΛΕΙΤΑΙ διαμέρισμα 2 ΔΣΚ στη Χαριλάου. Τηλ. 829-539.

ΠΩΛΟΥΝΤΑΙ διαμερίσματα σε Καλαμαριά 3 ΔΣΚ. Τηλ. 417-273.

ΠΩΛΕΙΤΑΙ μονοκατοικία στην Πυλαία. Τηλ. 761-914.

ΣΤΑΥΡΟΥΠΟΛΗ: Ευκαιρία λόγω εκτάκτου ανάγκης διαμέρισμα 3 δωμάτια, ισόγειο, οικόπεδο 260 μ2 μόνον 3.000.000 τηλ. 221-735, 266-519.

ΚΑΛΑΜΑΡΙΑ στη Χαριλάου οικόπεδο 360 μ2 ευκαιρία Τηλ. 812-478.

ΓΚΑΡΣΟΝΙΕΡΑ στην Καλαμαριά, στην Αγία Τριάδα 30 μ2, τιμή 340.000. Τηλ. 812-478.

ΠΩΛΕΙΤΑΙ διαμέρισμα στην Καλαμαριά 82 μ2 2ος όροφος, καινούργιο, τιμή 1.250.000. Τηλ. 812-478.

ΠΩΛΕΙΤΑΙ ρετιρέ 110 μ2 στην Καλαμαριά με θέα. Τηλ. 812-478.

ΔΡΑΣΚΑΣΤΗΡΙΟ ιολόγιον έτοιμοπαράδοτες πληρεστάτες κατοικίες στην Θεσσαλονίκη, τηλ. 266-700, 278-061.

ΠΑΝΟΡΑΜΑ πωλείται οικόπεδο 800 μ2 με 20 μ. πρόσοψη, τιμή 10.000.000. Τηλ. 846-406.

ΠΩΛΕΙΤΑΙ διαμέρισμα με θέα στον Θερμαϊκό 2ος όροφος 85 μ2 λοξό κ.λπ. Τηλ. 537-170.

ΠΩΛΕΙΤΑΙ δύο διαμερίσματα με 3 ΔΣΚ και 2 ΔΣΚΛ στην Καλαμαριά, 1.850.000. Τηλ. 537-170.

ΕΥΚΑΙΡΙΑ: πωλείται διαμέρισμα 60 μ2 1ος όροφος στην Τούμπα, τιμή 850.000. Τηλ. 523-002.

ΠΩΛΕΙΤΑΙ διαμέρισμα 75 τ.μ. 2 ΔΣΚ, μεσαίο, ηλιόλουστο, τιμή 1.200.000. Τηλ. 639-698, 510-197.

ΠΩΛΟΥΝΤΑΙ το 1/2 καταστήματος 50 μ2 στην Εγνατία. Τηλ. 510-197.

ΠΩΛΕΙΤΑΙ διαμέρισμα 44 τ.μ. στον Εύοσμο, τιμή 650.000 δρχ. Τηλ. 986-988.

ΠΩΛΕΙΤΑΙ διαμέρισμα 100 μ2 στη Μαλακοπή, λοξό, καινούργιο, θέα. Τηλ. 922-391.

ΠΩΛΟΥΝΤΑΙ 2 διαμερίσματα, τηλ. 841-079.

ΠΩΛΕΙΤΑΙ διαμέρισμα 44 τ.μ. 2 ΔΣΚ λοξό, 6ος όροφος, στην Νεάπολη, 640.000. Τηλ. 233-264.

ΠΩΛΕΙΤΑΙ διαμέρισμα 90 μ2 λοξό, 2ος όροφος, στην Καλαμαριά. Τηλ. 415-960.

ΠΩΛΕΙΤΑΙ κατάστημα 35 μ2 στη Χαριλάου. Τηλ. 231-125.

ΠΩΛΕΙΤΑΙ διαμέρισμα 80 μ2 λοξό 3ος όρ. Ευαγγελίστρια. Τηλ. 231-125.

ΠΩΛΕΙΤΑΙ διαμέρισμα 70 μ2, 2 ΔΣΚ, 2ος όροφος, στην Αγία Φωτεινή. Τηλ. 215-126.

ΕΥΚΑΙΡΙΑ: Πωλείται γκαρσονιέρα 32 μ2 στην Αγία Τριάδα, 420.000. Τηλ. 912-840.

ΕΥΚΑΙΡΙΑ: Πωλείται διαμέρισμα 68 μ2, 1ος όροφος, λοξό. Τηλ. 912-840.

ΠΩΛΕΙΤΑΙ διαμέρισμα 85 μ2 με θέα. Τηλ. 912-840.

ΠΩΛΕΙΤΑΙ διαμέρισμα 110 μ2 στην Καλαμαριά 3 ΔΣΚ. Τηλ. 231-125.

ΠΩΛΕΙΤΑΙ διαμέρισμα στην Ευκαρπία 90 μ2. Τηλ. 523-002.

ΠΩΛΕΙΤΑΙ ρετιρέ 70 μ2 στην Νεάπολη. Τηλ. 233-264.

ΠΩΛΟΥΝΤΑΙ οικόπεδα στον Λαγκαδά. Τηλ. 913-264.

ΠΩΛΕΙΤΑΙ οικόπεδο 500 μ2 στην Θέρμη. Τηλ. 415-960.

ΠΩΛΕΙΤΑΙ διαμέρισμα 60 μ2 στην Τούμπα. Τηλ. 841-079.

ΠΩΛΟΥΝΤΑΙ διαμερίσματα στην Πυλαία. Τηλ. 841-079.

ΠΩΛΕΙΤΑΙ κατάστημα στο κέντρο. Τηλ. 217-001.

ΠΩΛΕΙΤΑΙ ρετιρέ 70 μ2 2 ΔΣΚ λοξό 4ος όροφος, καλή τιμή. Τηλ. 417-140.

ΠΩΛΕΙΤΑΙ διαμέρισμα 60 μ2 στην Καλαμαριά. Τηλ. 417-140.

ΠΩΛΕΙΤΑΙ μονοκατοικία. Τηλ. 413-086.

ΠΩΛΕΙΤΑΙ οικία στό Σταθμό Αγίου Παύλου, 80 μ2, στην Καλαμαριά, τιμή 1.800.000 δρχ.

ΠΩΛΟΥΝΤΑΙ γραφεία, καταστήματα και οικόπεδα στην Θεσσαλονίκη. Τηλ. 262-942.

ΠΩΛΟΥΝΤΑΙ οικόπεδα στον Πλαγιάρι και στην Επανομή. Τηλ. 819-633.

ΖΗΤΕΙΤΑΙ διαμέρισμα για ενοικίαση στην περιοχή Τούμπας. Τηλ. 542-097.

ΠΩΛΕΙΤΑΙ διαμέρισμα 80 μ2 στον Εύοσμο. Τηλ. 262-942.

ΥΠΟΣΧΕΣΗ: πωλείται λουτρόπολη. Τηλ. 819-633.

ΠΩΛΟΥΝΤΑΙ διαμερίσματα καινούργια. Τηλ. 819-633.

ΠΩΛΟΥΝΤΑΙ καταστήματα. Τηλ. 219-653.

ΔΙΑΜΕΡΙΣΜΑ 3 ΔΣΚΑ πλησίον Ηλιού. Τηλ. 263-167.

ΣΥΚΙΕΣ πωλείται διαμέρισμα 85 τ.μ. Τηλ. 263-167.

ΠΩΛΟΥΝΤΑΙ διαμερίσματα 2 ΔΣΚ. Τηλ. 941-553.

ΔΙΑΜΕΡΙΣΜΑ 3 ΔΣΚΛ στην Καλαμαριά. Τηλ. 523-878.

ΠΩΛΕΙΤΑΙ διαμέρισμα στην Νεάπολη. Τηλ. 922-391.

ΠΩΛΕΙΤΑΙ διαμέρισμα 60 μ2 στην Μαλακοπή. Τηλ. 829-922.

ΠΩΛΕΙΤΑΙ διαμέρισμα 70 μ2. Τηλ. 824-121.

ΠΩΛΕΙΤΑΙ διαμέρισμα στο Χαριλάου. Τηλ. 824-495.

ΠΩΛΕΙΤΑΙ διαμέρισμα στην Άνω Πόλη. Τηλ. 266-892.

ΠΩΛΕΙΤΑΙ κατάστημα στην Καλαμαριά. Τηλ. 224-808.

ΠΑΝΕΠΙΣΤΗΜΙΑ 2ος όροφος 100 μ2. Τηλ. 427-622.

ΚΑΤΑΣΤΗΜΑ 50 μ2 κέντρο, τιμή 1.150.000. Τηλ. 224-808.

ΠΩΛΕΙΤΑΙ οικόπεδο στη Σίνδο. Τηλ. 224-808.

ΠΩΛΕΙΤΑΙ διαμέρισμα στην Τούμπα. Τηλ. 536-130.

ΠΩΛΕΙΤΑΙ μονοκατοικία στην Θέρμη. Τηλ. 536-130.

ΠΩΛΕΙΤΑΙ διαμέρισμα στην Καλαμαριά. Τηλ. 412-061.

ΠΩΛΕΙΤΑΙ διαμέρισμα 3 ΔΣΚ. Τηλ. 233-189.

ΠΩΛΕΙΤΑΙ κατάστημα. Τηλ. 540-423.

ΠΑΝΟΡΑΜΑΛΑΣΣΙΟ διαμέρισμα. Τηλ. 420-040.

ΠΩΛΕΙΤΑΙ διαμέρισμα στην Κρήνη. Τηλ. 524-465.

ΠΩΛΕΙΤΑΙ διαμέρισμα 2 ΔΣΚ. Τηλ. 414-012.

ΠΩΛΕΙΤΑΙ οικόπεδο στο Πανόραμα. Τηλ. 846-319.

ΑΡΕΣΤΟΥ διαμέρισμα. Τηλ. 227-456.

ΠΑΡΑΧΩΡΕΙΤΑΙ διαμέρισμα. Τηλ. 227-456.

ΟΙΚ
Η ΣΥΝΕΧΕΙΑ ΣΤΗ 16η
